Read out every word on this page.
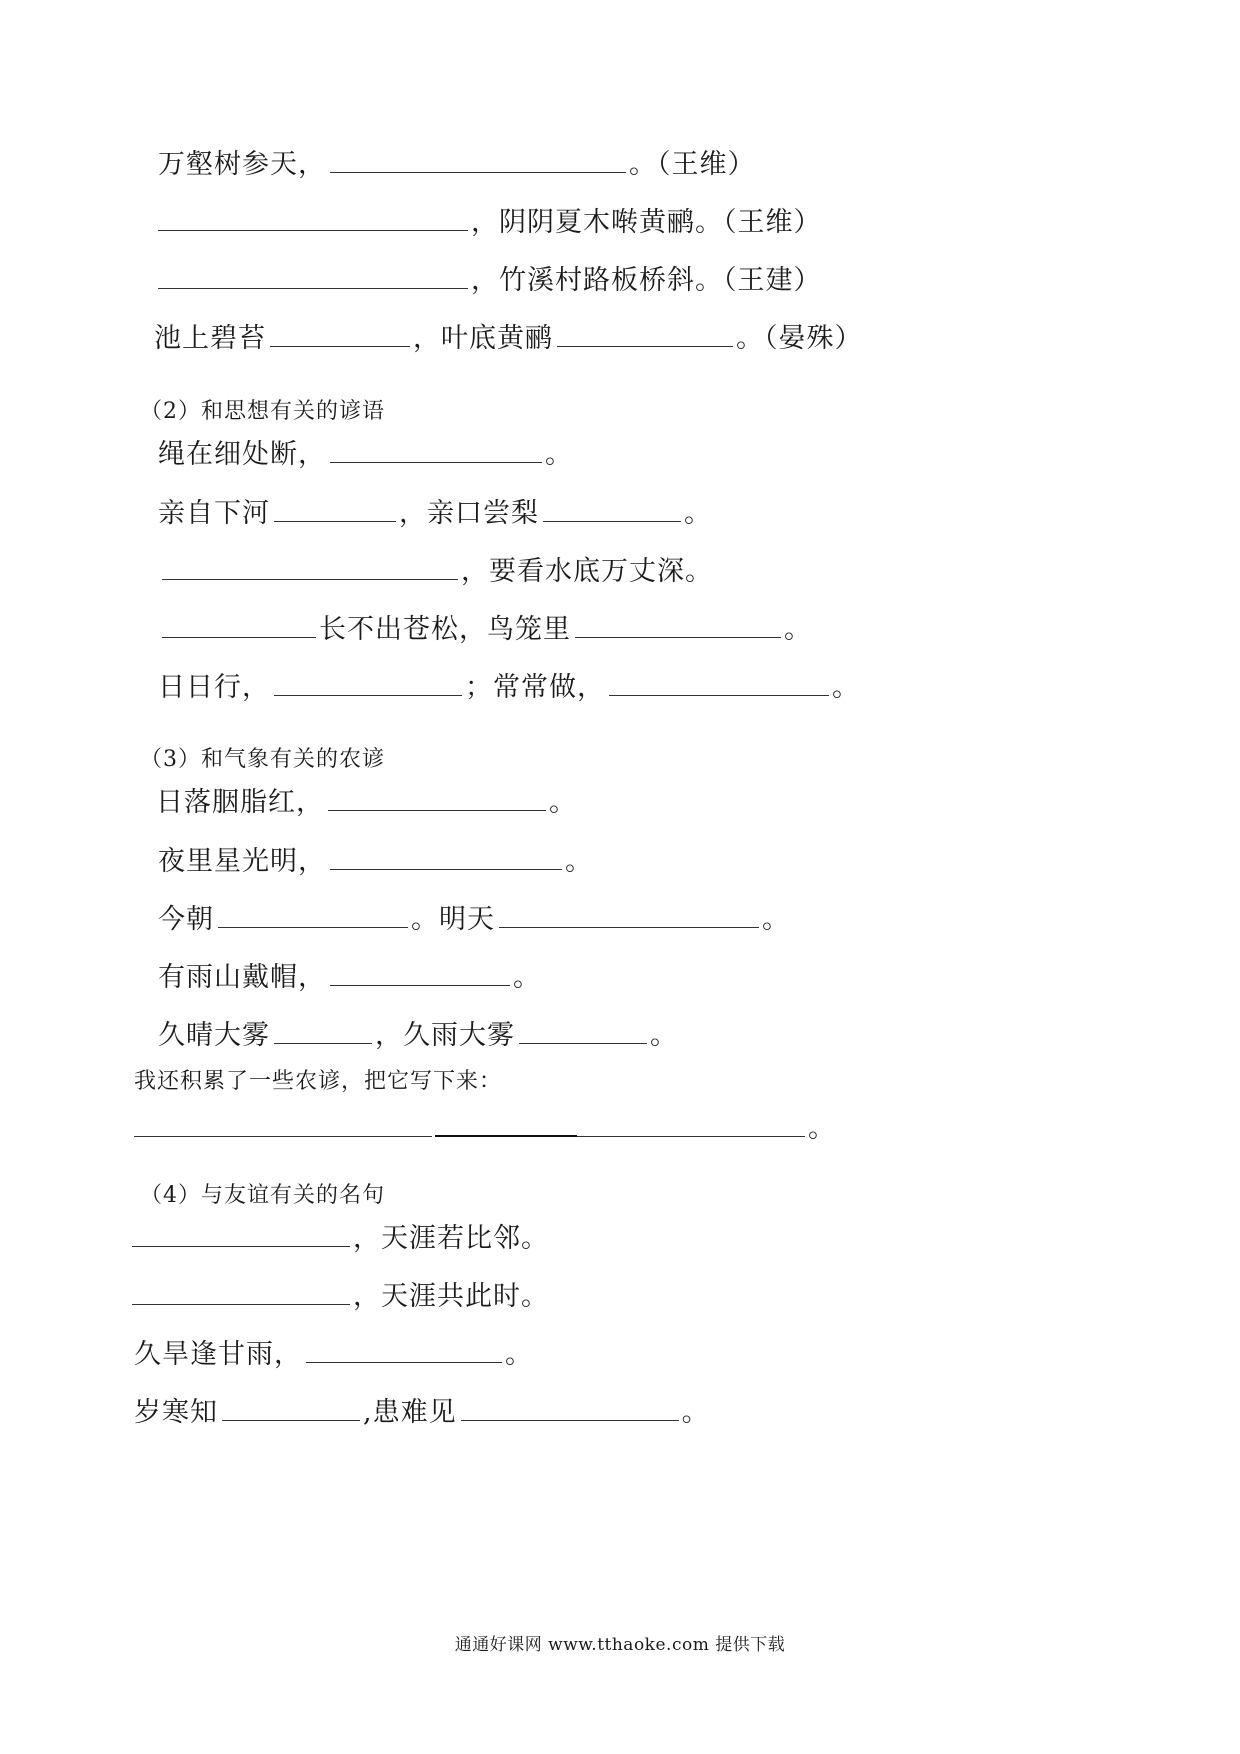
万壑树参天，	。（王维）
，阴阴夏木啭黄鹂。（王维）
，竹溪村路板桥斜。（王建）
池上碧苔	，叶底黄鹂	。（晏殊）
（2）和思想有关的谚语
绳在细处断，	。
亲自下河	，亲口尝梨	。
，要看水底万丈深。
长不出苍松，鸟笼里	。
日日行，	；常常做，	。
（3）和气象有关的农谚
日落胭脂红，	。
夜里星光明，	。
今朝	。明天	。
有雨山戴帽，	。
久晴大雾	，久雨大雾	。
我还积累了一些农谚，把它写下来：
。
（4）与友谊有关的名句
，天涯若比邻。
，天涯共此时。
久旱逢甘雨，	。
岁寒知	,患难见	。
通通好课网 www.tthaoke.com 提供下载
